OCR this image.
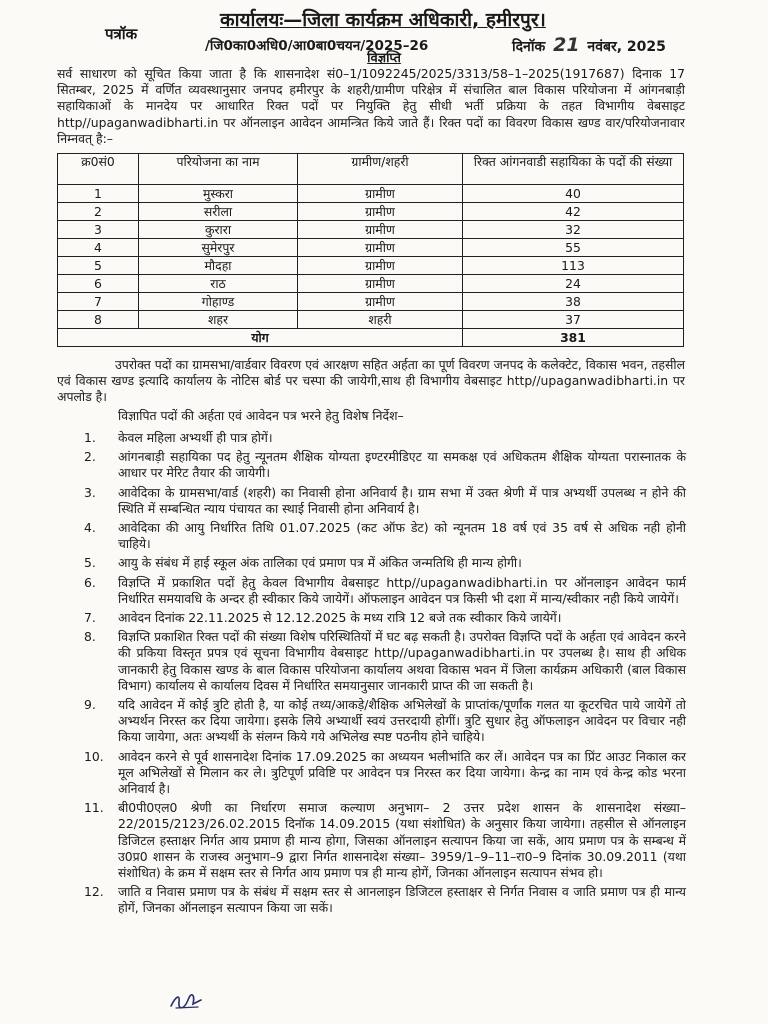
कार्यालयः—जिला कार्यक्रम अधिकारी, हमीरपुर।
पत्रॉक
/जि0का0अधि0/आ0बा0चयन/2025–26	दिनॉक 21 नवंबर, 2025
विज्ञप्ति
सर्व साधारण को सूचित किया जाता है कि शासनादेश सं0–1/1092245/2025/3313/58–1–2025(1917687) दिनाक 17 सितम्बर, 2025 में वर्णित व्यवस्थानुसार जनपद हमीरपुर के शहरी/ग्रामीण परिक्षेत्र में संचालित बाल विकास परियोजना में आंगनबाड़ी सहायिकाओं के मानदेय पर आधारित रिक्त पदों पर नियुक्ति हेतु सीधी भर्ती प्रक्रिया के तहत विभागीय वेबसाइट http//upaganwadibharti.in पर ऑनलाइन आवेदन आमन्त्रित किये जाते हैं। रिक्त पदों का विवरण विकास खण्ड वार/परियोजनावार निम्नवत् है:–
क्र0सं0	परियोजना का नाम	ग्रामीण/शहरी	रिक्त आंगनवाडी सहायिका के पदों की संख्या
1	मुस्करा	ग्रामीण	40
2	सरीला	ग्रामीण	42
3	कुरारा	ग्रामीण	32
4	सुमेरपुर	ग्रामीण	55
5	मौदहा	ग्रामीण	113
6	राठ	ग्रामीण	24
7	गोहाण्ड	ग्रामीण	38
8	शहर	शहरी	37
योग			381
उपरोक्त पदों का ग्रामसभा/वार्डवार विवरण एवं आरक्षण सहित अर्हता का पूर्ण विवरण जनपद के कलेक्टेट, विकास भवन, तहसील एवं विकास खण्ड इत्यादि कार्यालय के नोटिस बोर्ड पर चस्पा की जायेगी,साथ ही विभागीय वेबसाइट http//upaganwadibharti.in पर अपलोड है।
विज्ञापित पदों की अर्हता एवं आवेदन पत्र भरने हेतु विशेष निर्देश–
1. केवल महिला अभ्यर्थी ही पात्र होगें।
2. आंगनबाड़ी सहायिका पद हेतु न्यूनतम शैक्षिक योग्यता इण्टरमीडिएट या समकक्ष एवं अधिकतम शैक्षिक योग्यता परास्नातक के आधार पर मेरिट तैयार की जायेगी।
3. आवेदिका के ग्रामसभा/वार्ड (शहरी) का निवासी होना अनिवार्य है। ग्राम सभा में उक्त श्रेणी में पात्र अभ्यर्थी उपलब्ध न होने की स्थिति में सम्बन्धित न्याय पंचायत का स्थाई निवासी होना अनिवार्य है।
4. आवेदिका की आयु निर्धारित तिथि 01.07.2025 (कट ऑफ डेट) को न्यूनतम 18 वर्ष एवं 35 वर्ष से अधिक नही होनी चाहिये।
5. आयु के संबंध में हाई स्कूल अंक तालिका एवं प्रमाण पत्र में अंकित जन्मतिथि ही मान्य होगी।
6. विज्ञप्ति में प्रकाशित पदों हेतु केवल विभागीय वेबसाइट http//upaganwadibharti.in पर ऑनलाइन आवेदन फार्म निर्धारित समयावधि के अन्दर ही स्वीकार किये जायेगें। ऑफलाइन आवेदन पत्र किसी भी दशा में मान्य/स्वीकार नही किये जायेगें।
7. आवेदन दिनांक 22.11.2025 से 12.12.2025 के मध्य रात्रि 12 बजे तक स्वीकार किये जायेगें।
8. विज्ञप्ति प्रकाशित रिक्त पदों की संख्या विशेष परिस्थितियों में घट बढ़ सकती है। उपरोक्त विज्ञप्ति पदों के अर्हता एवं आवेदन करने की प्रकिया विस्तृत प्रपत्र एवं सूचना विभागीय वेबसाइट http//upaganwadibharti.in पर उपलब्ध है। साथ ही अधिक जानकारी हेतु विकास खण्ड के बाल विकास परियोजना कार्यालय अथवा विकास भवन में जिला कार्यक्रम अधिकारी (बाल विकास विभाग) कार्यालय से कार्यालय दिवस में निर्धारित समयानुसार जानकारी प्राप्त की जा सकती है।
9. यदि आवेदन में कोई त्रुटि होती है, या कोई तथ्य/आकड़े/शैक्षिक अभिलेखों के प्राप्तांक/पूर्णांक गलत या कूटरचित पाये जायेगें तो अभ्यर्थन निरस्त कर दिया जायेगा। इसके लिये अभ्यार्थी स्वयं उत्तरदायी होगीं। त्रुटि सुधार हेतु ऑफलाइन आवेदन पर विचार नही किया जायेगा, अतः अभ्यर्थी के संलग्न किये गये अभिलेख स्पष्ट पठनीय होने चाहिये।
10. आवेदन करने से पूर्व शासनादेश दिनांक 17.09.2025 का अध्ययन भलीभांति कर लें। आवेदन पत्र का प्रिंट आउट निकाल कर मूल अभिलेखों से मिलान कर ले। त्रुटिपूर्ण प्रविष्टि पर आवेदन पत्र निरस्त कर दिया जायेगा। केन्द्र का नाम एवं केन्द्र कोड भरना अनिवार्य है।
11. बी0पी0एल0 श्रेणी का निर्धारण समाज कल्याण अनुभाग– 2 उत्तर प्रदेश शासन के शासनादेश संख्या– 22/2015/2123/26.02.2015 दिनॉक 14.09.2015 (यथा संशोधित) के अनुसार किया जायेगा। तहसील से ऑनलाइन डिजिटल हस्ताक्षर निर्गत आय प्रमाण ही मान्य होगा, जिसका ऑनलाइन सत्यापन किया जा सकें, आय प्रमाण पत्र के सम्बन्ध में उ0प्र0 शासन के राजस्व अनुभाग–9 द्वारा निर्गत शासनादेश संख्या– 3959/1–9–11–रा0–9 दिनांक 30.09.2011 (यथा संशोधित) के क्रम में सक्षम स्तर से निर्गत आय प्रमाण पत्र ही मान्य होगें, जिनका ऑनलाइन सत्यापन संभव हो।
12. जाति व निवास प्रमाण पत्र के संबंध में सक्षम स्तर से आनलाइन डिजिटल हस्ताक्षर से निर्गत निवास व जाति प्रमाण पत्र ही मान्य होगें, जिनका ऑनलाइन सत्यापन किया जा सकें।
